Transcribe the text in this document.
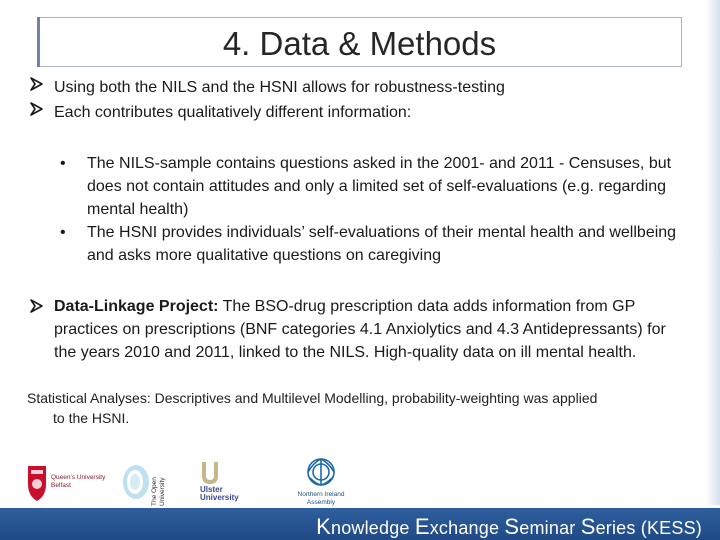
4. Data & Methods
Using both the NILS and the HSNI allows for robustness-testing
Each contributes qualitatively different information:
• The NILS-sample contains questions asked in the 2001- and 2011 - Censuses, but does not contain attitudes and only a limited set of self-evaluations (e.g. regarding mental health)
• The HSNI provides individuals’ self-evaluations of their mental health and wellbeing and asks more qualitative questions on caregiving
Data-Linkage Project: The BSO-drug prescription data adds information from GP practices on prescriptions (BNF categories 4.1 Anxiolytics and 4.3 Antidepressants) for the years 2010 and 2011, linked to the NILS. High-quality data on ill mental health.
Statistical Analyses: Descriptives and Multilevel Modelling, probability-weighting was applied
to the HSNI.
Queen's University
Belfast	The Open University	Ulster
University	Northern Ireland
Assembly
Knowledge Exchange Seminar Series (KESS)
